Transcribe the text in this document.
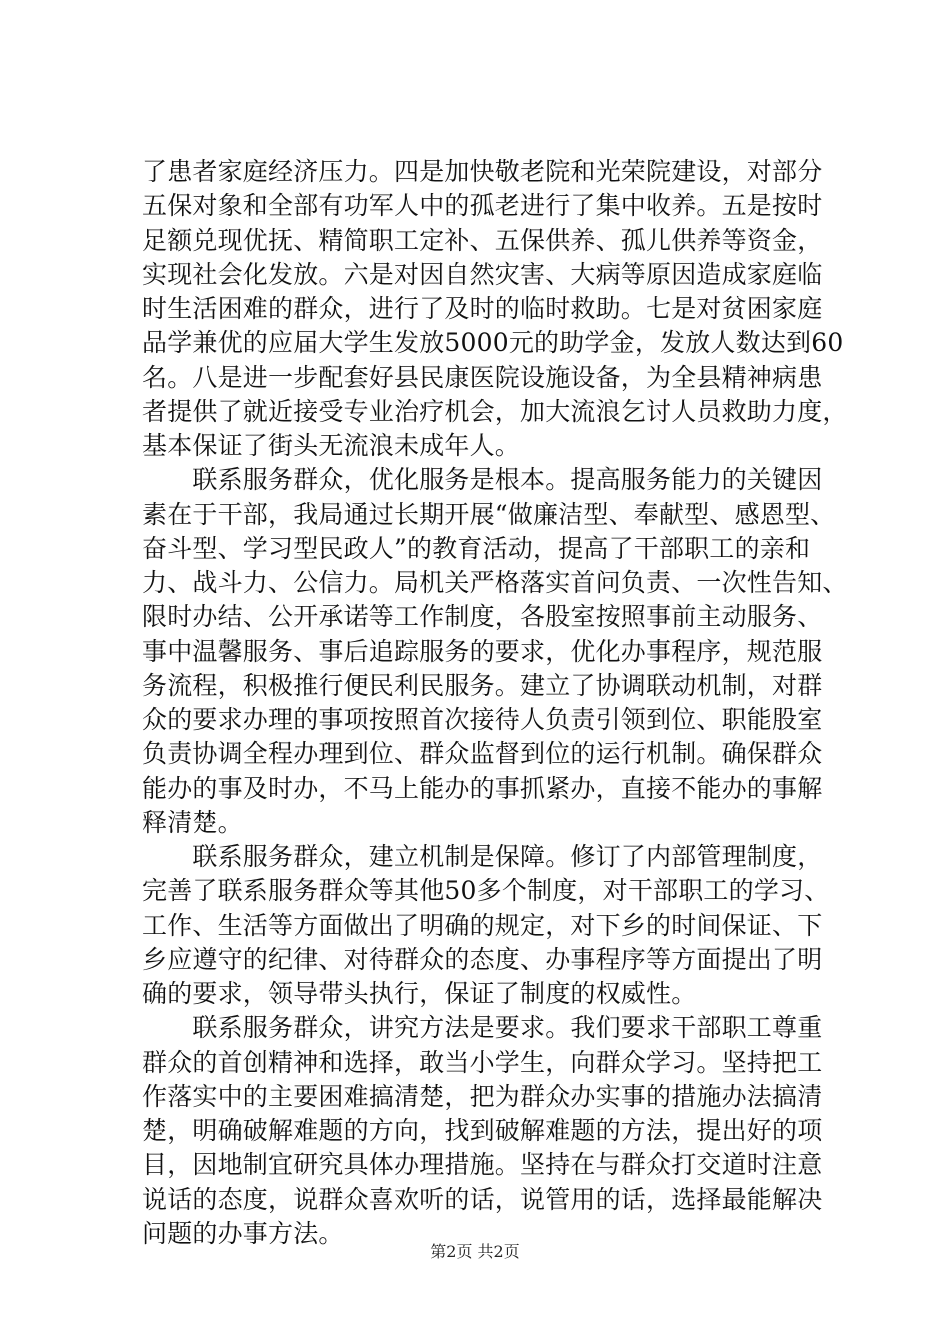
了患者家庭经济压力。四是加快敬老院和光荣院建设，对部分
五保对象和全部有功军人中的孤老进行了集中收养。五是按时
足额兑现优抚、精简职工定补、五保供养、孤儿供养等资金，
实现社会化发放。六是对因自然灾害、大病等原因造成家庭临
时生活困难的群众，进行了及时的临时救助。七是对贫困家庭
品学兼优的应届大学生发放5000元的助学金，发放人数达到60
名。八是进一步配套好县民康医院设施设备，为全县精神病患
者提供了就近接受专业治疗机会，加大流浪乞讨人员救助力度，
基本保证了街头无流浪未成年人。
　　联系服务群众，优化服务是根本。提高服务能力的关键因
素在于干部，我局通过长期开展“做廉洁型、奉献型、感恩型、
奋斗型、学习型民政人”的教育活动，提高了干部职工的亲和
力、战斗力、公信力。局机关严格落实首问负责、一次性告知、
限时办结、公开承诺等工作制度，各股室按照事前主动服务、
事中温馨服务、事后追踪服务的要求，优化办事程序，规范服
务流程，积极推行便民利民服务。建立了协调联动机制，对群
众的要求办理的事项按照首次接待人负责引领到位、职能股室
负责协调全程办理到位、群众监督到位的运行机制。确保群众
能办的事及时办，不马上能办的事抓紧办，直接不能办的事解
释清楚。
　　联系服务群众，建立机制是保障。修订了内部管理制度，
完善了联系服务群众等其他50多个制度，对干部职工的学习、
工作、生活等方面做出了明确的规定，对下乡的时间保证、下
乡应遵守的纪律、对待群众的态度、办事程序等方面提出了明
确的要求，领导带头执行，保证了制度的权威性。
　　联系服务群众，讲究方法是要求。我们要求干部职工尊重
群众的首创精神和选择，敢当小学生，向群众学习。坚持把工
作落实中的主要困难搞清楚，把为群众办实事的措施办法搞清
楚，明确破解难题的方向，找到破解难题的方法，提出好的项
目，因地制宜研究具体办理措施。坚持在与群众打交道时注意
说话的态度，说群众喜欢听的话，说管用的话，选择最能解决
问题的办事方法。
第2页 共2页
